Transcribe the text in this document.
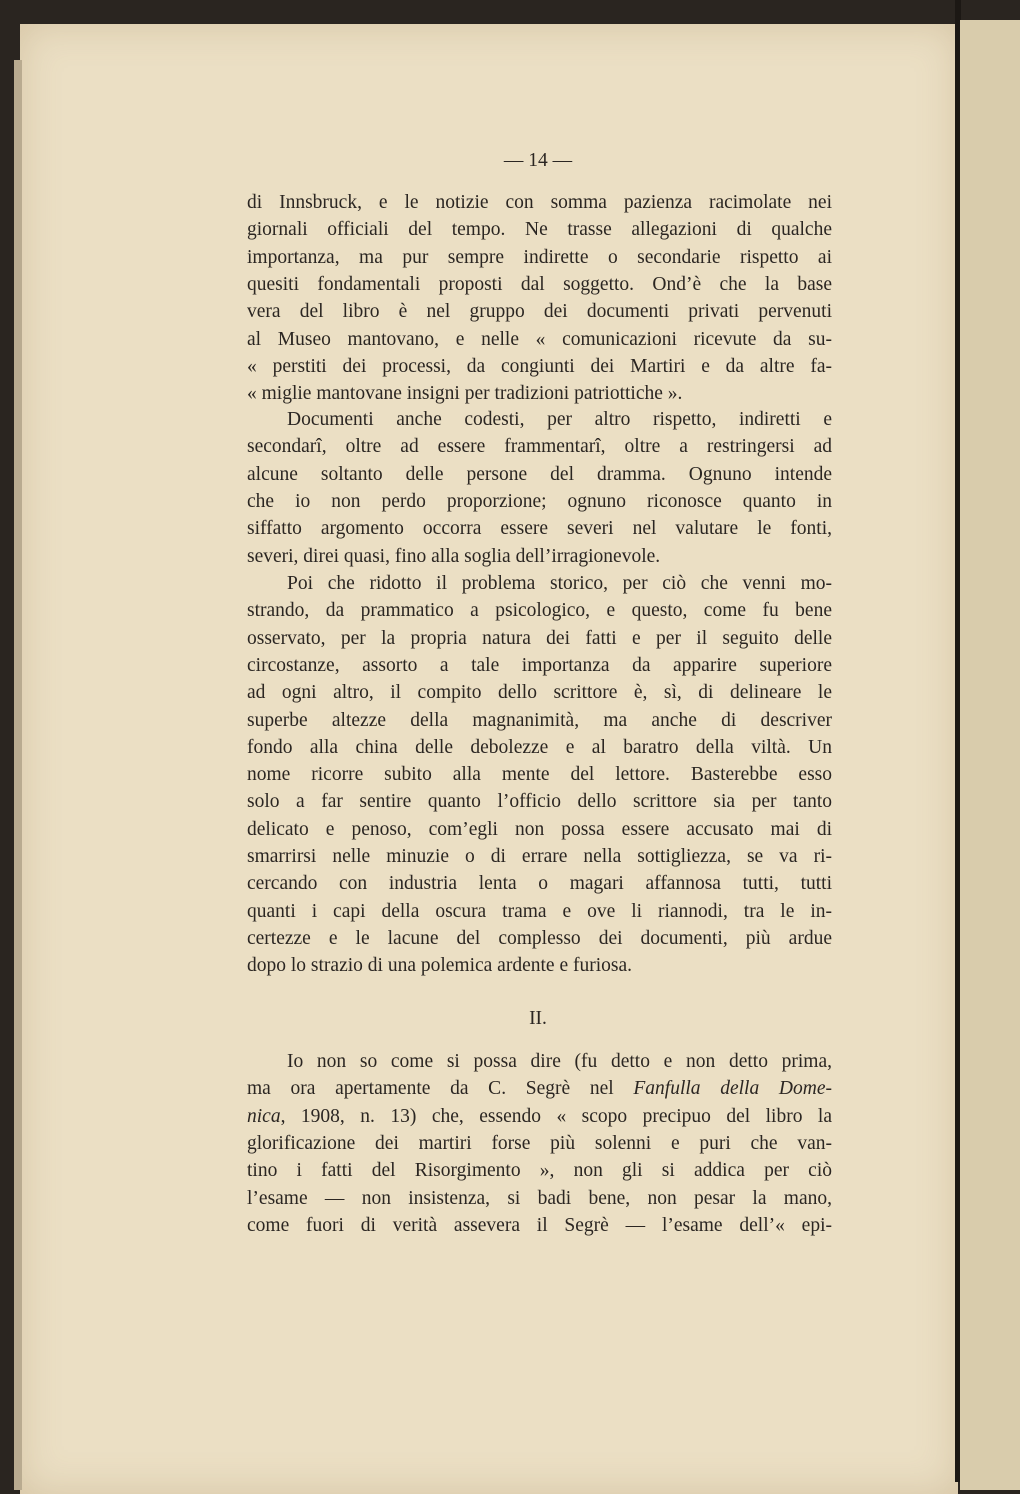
— 14 —
II.
di Innsbruck, e le notizie con somma pazienza racimolate nei
giornali officiali del tempo. Ne trasse allegazioni di qualche
importanza, ma pur sempre indirette o secondarie rispetto ai
quesiti fondamentali proposti dal soggetto. Ond’è che la base
vera del libro è nel gruppo dei documenti privati pervenuti
al Museo mantovano, e nelle « comunicazioni ricevute da su-
« perstiti dei processi, da congiunti dei Martiri e da altre fa-
« miglie mantovane insigni per tradizioni patriottiche ».
Documenti anche codesti, per altro rispetto, indiretti e
secondarî, oltre ad essere frammentarî, oltre a restringersi ad
alcune soltanto delle persone del dramma. Ognuno intende
che io non perdo proporzione; ognuno riconosce quanto in
siffatto argomento occorra essere severi nel valutare le fonti,
severi, direi quasi, fino alla soglia dell’irragionevole.
Poi che ridotto il problema storico, per ciò che venni mo-
strando, da prammatico a psicologico, e questo, come fu bene
osservato, per la propria natura dei fatti e per il seguito delle
circostanze, assorto a tale importanza da apparire superiore
ad ogni altro, il compito dello scrittore è, sì, di delineare le
superbe altezze della magnanimità, ma anche di descriver
fondo alla china delle debolezze e al baratro della viltà. Un
nome ricorre subito alla mente del lettore. Basterebbe esso
solo a far sentire quanto l’officio dello scrittore sia per tanto
delicato e penoso, com’egli non possa essere accusato mai di
smarrirsi nelle minuzie o di errare nella sottigliezza, se va ri-
cercando con industria lenta o magari affannosa tutti, tutti
quanti i capi della oscura trama e ove li riannodi, tra le in-
certezze e le lacune del complesso dei documenti, più ardue
dopo lo strazio di una polemica ardente e furiosa.
Io non so come si possa dire (fu detto e non detto prima,
ma ora apertamente da C. Segrè nel Fanfulla della Dome-
nica, 1908, n. 13) che, essendo « scopo precipuo del libro la
glorificazione dei martiri forse più solenni e puri che van-
tino i fatti del Risorgimento », non gli si addica per ciò
l’esame — non insistenza, si badi bene, non pesar la mano,
come fuori di verità assevera il Segrè — l’esame dell’« epi-
